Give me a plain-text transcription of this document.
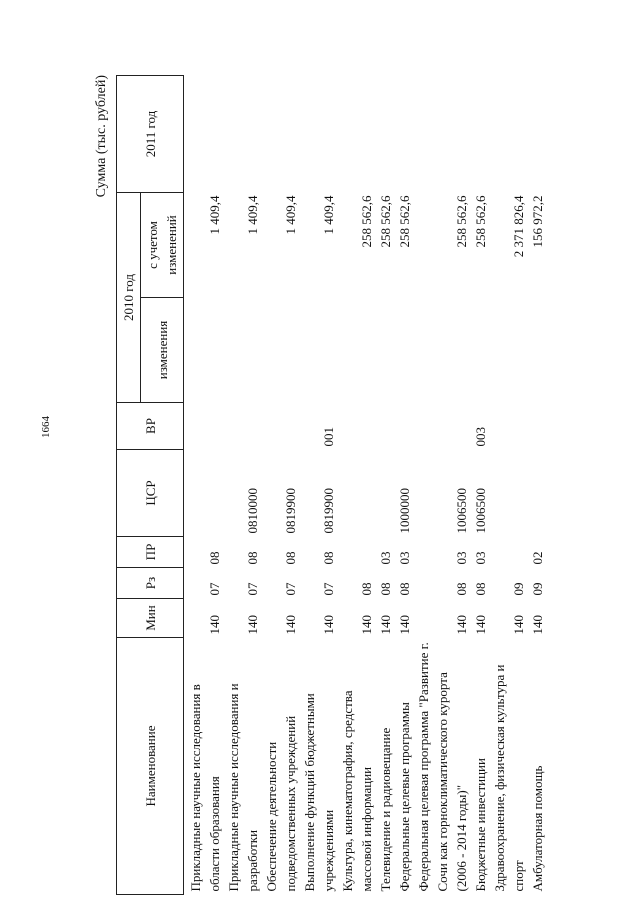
1664
Сумма (тыс. рублей)
Наименование	Мин	Рз	ПР	ЦСР	ВР	2010 год		2011 год
						изменения	с учетом изменений	
Прикладные научные исследования в области образования	140	07	08				1 409,4	
Прикладные научные исследования и разработки	140	07	08	0810000			1 409,4	
Обеспечение деятельности подведомственных учреждений	140	07	08	0819900			1 409,4	
Выполнение функций бюджетными учреждениями	140	07	08	0819900	001		1 409,4	
Культура, кинематография, средства массовой информации	140	08					258 562,6	
Телевидение и радиовещание	140	08	03				258 562,6	
Федеральные целевые программы	140	08	03	1000000			258 562,6	
Федеральная целевая программа "Развитие г. Сочи как горноклиматического курорта (2006 - 2014 годы)"	140	08	03	1006500			258 562,6	
Бюджетные инвестиции	140	08	03	1006500	003		258 562,6	
Здравоохранение, физическая культура и спорт	140	09					2 371 826,4	
Амбулаторная помощь	140	09	02				156 972,2	
